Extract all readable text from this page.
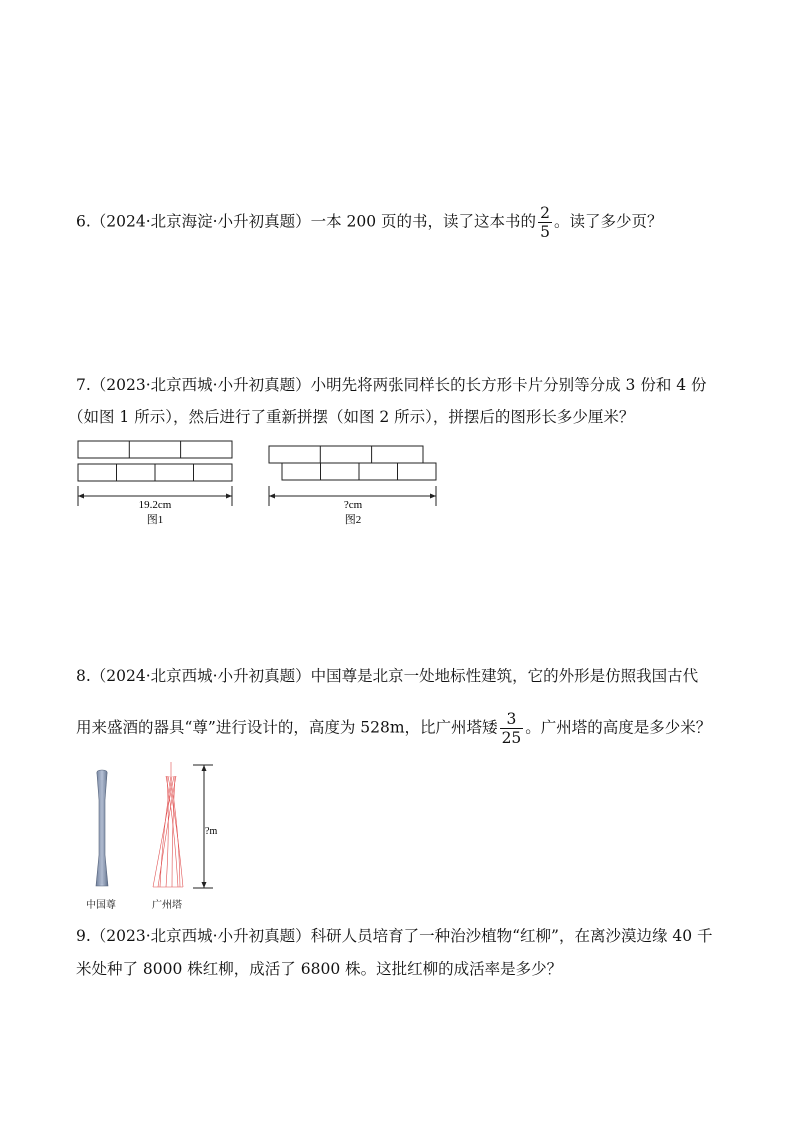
6.（2024·北京海淀·小升初真题）一本 200 页的书，读了这本书的 $\frac{2}{5}$ 。读了多少页？
7.（2023·北京西城·小升初真题）小明先将两张同样长的长方形卡片分别等分成 3 份和 4 份
（如图 1 所示），然后进行了重新拼摆（如图 2 所示），拼摆后的图形长多少厘米？
19.2cm
图1
?cm
图2
8.（2024·北京西城·小升初真题）中国尊是北京一处地标性建筑，它的外形是仿照我国古代
用来盛酒的器具“尊”进行设计的，高度为 528m，比广州塔矮 $\frac{3}{25}$ 。广州塔的高度是多少米？
?m
中国尊	广州塔
9.（2023·北京西城·小升初真题）科研人员培育了一种治沙植物“红柳”，在离沙漠边缘 40 千
米处种了 8000 株红柳，成活了 6800 株。这批红柳的成活率是多少？
